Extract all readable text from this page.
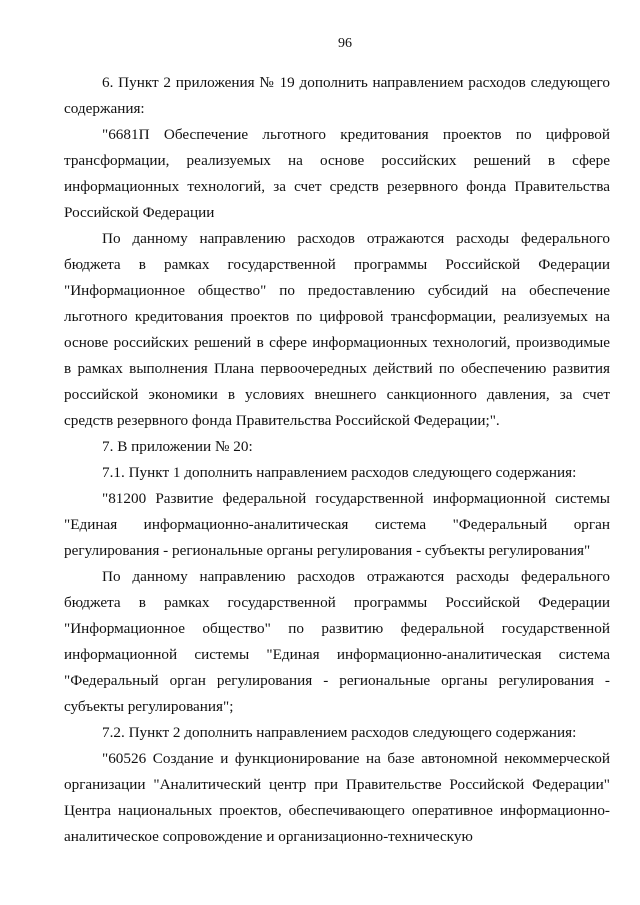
96

6. Пункт 2 приложения № 19 дополнить направлением расходов следующего содержания:

"6681П Обеспечение льготного кредитования проектов по цифровой трансформации, реализуемых на основе российских решений в сфере информационных технологий, за счет средств резервного фонда Правительства Российской Федерации

По данному направлению расходов отражаются расходы федерального бюджета в рамках государственной программы Российской Федерации "Информационное общество" по предоставлению субсидий на обеспечение льготного кредитования проектов по цифровой трансформации, реализуемых на основе российских решений в сфере информационных технологий, производимые в рамках выполнения Плана первоочередных действий по обеспечению развития российской экономики в условиях внешнего санкционного давления, за счет средств резервного фонда Правительства Российской Федерации;".

7. В приложении № 20:

7.1. Пункт 1 дополнить направлением расходов следующего содержания:

"81200 Развитие федеральной государственной информационной системы "Единая информационно-аналитическая система "Федеральный орган регулирования - региональные органы регулирования - субъекты регулирования"

По данному направлению расходов отражаются расходы федерального бюджета в рамках государственной программы Российской Федерации "Информационное общество" по развитию федеральной государственной информационной системы "Единая информационно-аналитическая система "Федеральный орган регулирования - региональные органы регулирования - субъекты регулирования";

7.2. Пункт 2 дополнить направлением расходов следующего содержания:

"60526 Создание и функционирование на базе автономной некоммерческой организации "Аналитический центр при Правительстве Российской Федерации" Центра национальных проектов, обеспечивающего оперативное информационно-аналитическое сопровождение и организационно-техническую
